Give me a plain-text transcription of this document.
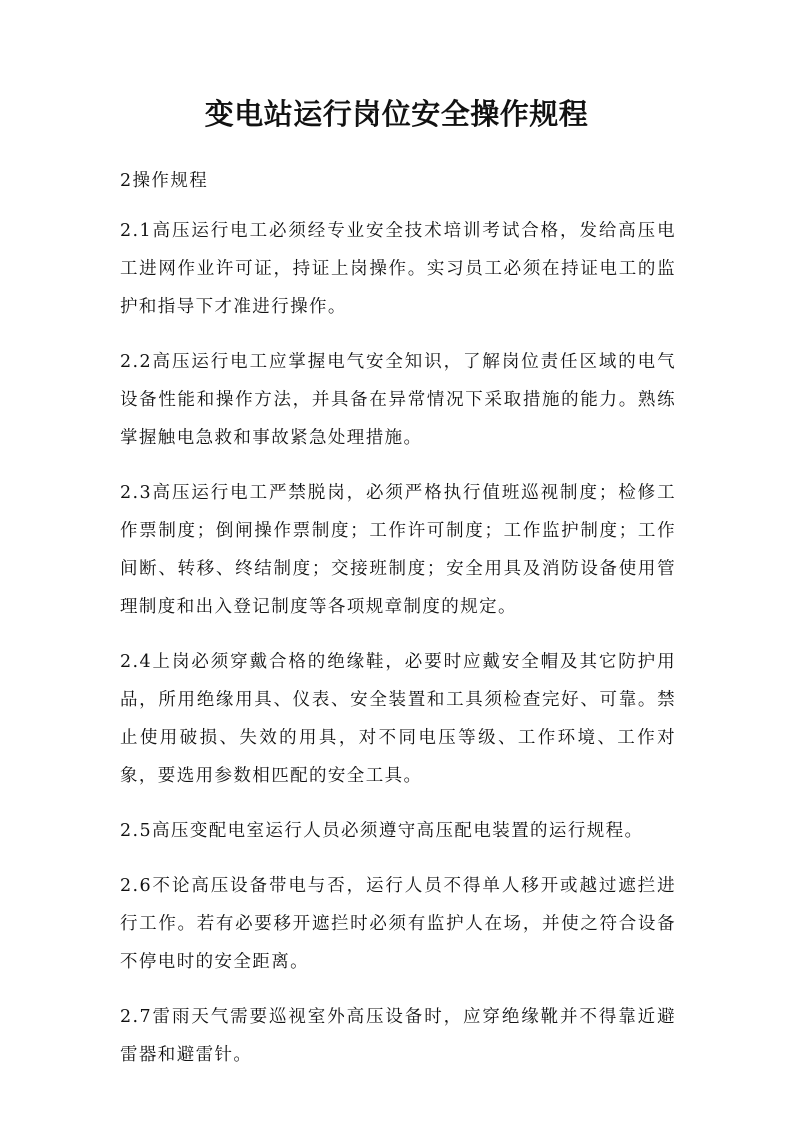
变电站运行岗位安全操作规程

2操作规程

2.1高压运行电工必须经专业安全技术培训考试合格，发给高压电工进网作业许可证，持证上岗操作。实习员工必须在持证电工的监护和指导下才准进行操作。

2.2高压运行电工应掌握电气安全知识，了解岗位责任区域的电气设备性能和操作方法，并具备在异常情况下采取措施的能力。熟练掌握触电急救和事故紧急处理措施。

2.3高压运行电工严禁脱岗，必须严格执行值班巡视制度；检修工作票制度；倒闸操作票制度；工作许可制度；工作监护制度；工作间断、转移、终结制度；交接班制度；安全用具及消防设备使用管理制度和出入登记制度等各项规章制度的规定。

2.4上岗必须穿戴合格的绝缘鞋，必要时应戴安全帽及其它防护用品，所用绝缘用具、仪表、安全装置和工具须检查完好、可靠。禁止使用破损、失效的用具，对不同电压等级、工作环境、工作对象，要选用参数相匹配的安全工具。

2.5高压变配电室运行人员必须遵守高压配电装置的运行规程。

2.6不论高压设备带电与否，运行人员不得单人移开或越过遮拦进行工作。若有必要移开遮拦时必须有监护人在场，并使之符合设备不停电时的安全距离。

2.7雷雨天气需要巡视室外高压设备时，应穿绝缘靴并不得靠近避雷器和避雷针。
